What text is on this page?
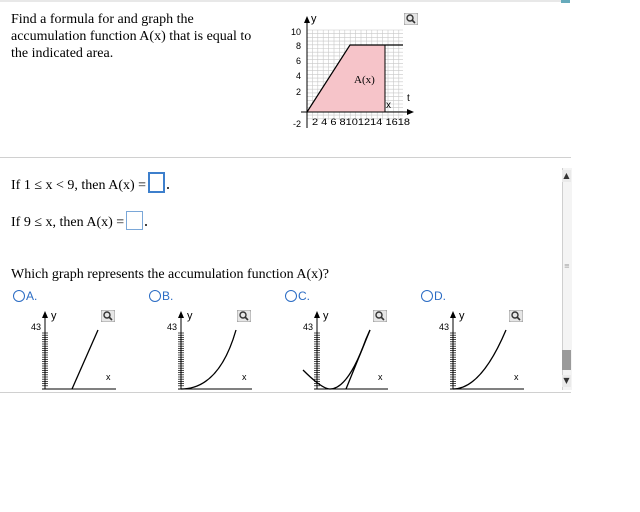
Find a formula for and graph the
accumulation function A(x) that is equal to
the indicated area.
y
t
A(x)
x
10
8
6
4
2
-2 2 4 6 8101214 1618
If 1 ≤ x < 9, then A(x) =
If 9 ≤ x, then A(x) =
Which graph represents the accumulation function A(x)?
A.	B.	C.	D.
y
x
43
y
x
43
y
x
43
y
x
43
▲
≡
▼
